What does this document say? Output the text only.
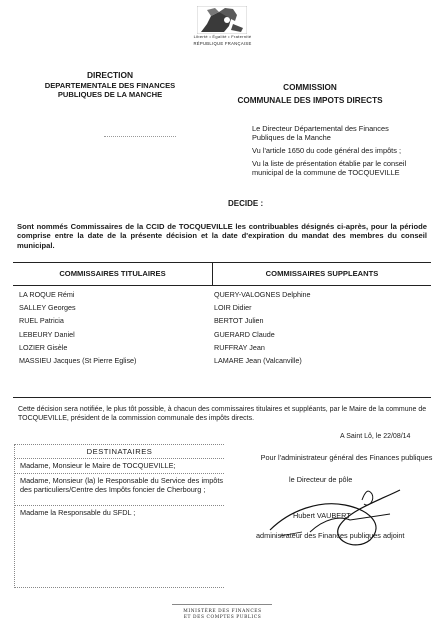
Liberté • Égalité • Fraternité
RÉPUBLIQUE FRANÇAISE
DIRECTION
DEPARTEMENTALE DES FINANCES
PUBLIQUES DE LA MANCHE
COMMISSION
COMMUNALE DES IMPOTS DIRECTS

Le Directeur Départemental des Finances Publiques de la Manche

Vu l'article 1650 du code général des impôts ;

Vu la liste de présentation établie par le conseil municipal de la commune de TOCQUEVILLE

DECIDE :
Sont nommés Commissaires de la CCID de TOCQUEVILLE les contribuables désignés ci-après, pour la période comprise entre la date de la présente décision et la date d'expiration du mandat des membres du conseil municipal.
COMMISSAIRES TITULAIRES	COMMISSAIRES SUPPLEANTS
LA ROQUE Rémi
SALLEY Georges
RUEL Patricia
LEBEURY Daniel
LOZIER Gisèle
MASSIEU Jacques (St Pierre Eglise)
QUERY-VALOGNES Delphine
LOIR Didier
BERTOT Julien
GUERARD Claude
RUFFRAY Jean
LAMARE Jean (Valcanville)
Cette décision sera notifiée, le plus tôt possible, à chacun des commissaires titulaires et suppléants, par le Maire de la commune de TOCQUEVILLE, président de la commission communale des impôts directs.
A Saint Lô, le 22/08/14
DESTINATAIRES
Madame, Monsieur le Maire de TOCQUEVILLE;
Madame, Monsieur (la) le Responsable du Service des impôts des particuliers/Centre des Impôts foncier de Cherbourg ;
Madame la Responsable du SFDL ;
Pour l'administrateur général des Finances publiques
le Directeur de pôle
Hubert VAUBERT
administrateur des Finances publiques adjoint
MINISTÈRE DES FINANCES
ET DES COMPTES PUBLICS
